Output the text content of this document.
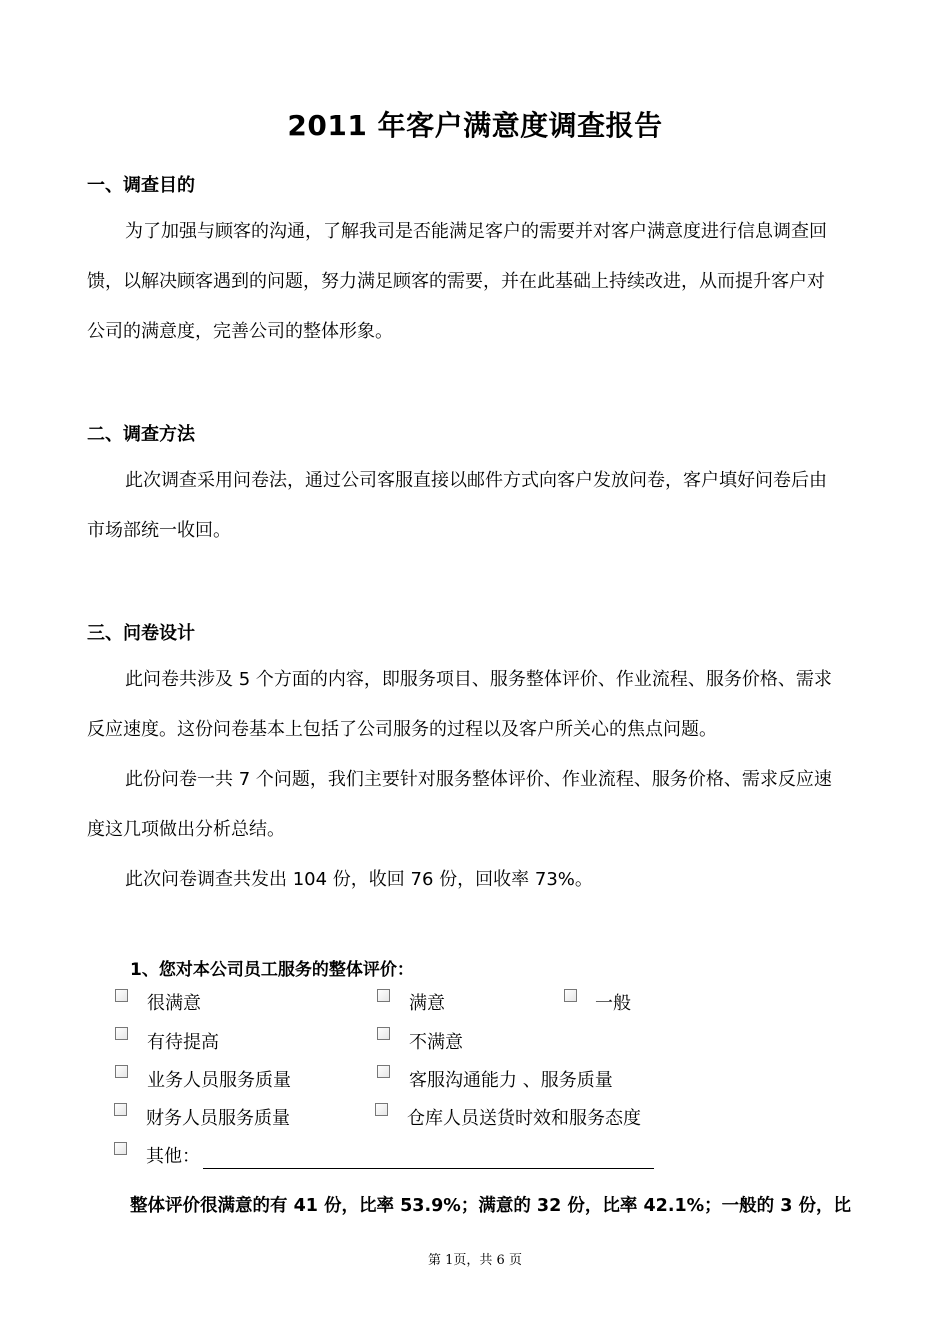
2011 年客户满意度调查报告
一、调查目的
为了加强与顾客的沟通，了解我司是否能满足客户的需要并对客户满意度进行信息调查回
馈，以解决顾客遇到的问题，努力满足顾客的需要，并在此基础上持续改进，从而提升客户对
公司的满意度，完善公司的整体形象。
二、调查方法
此次调查采用问卷法，通过公司客服直接以邮件方式向客户发放问卷，客户填好问卷后由
市场部统一收回。
三、问卷设计
此问卷共涉及 5 个方面的内容，即服务项目、服务整体评价、作业流程、服务价格、需求
反应速度。这份问卷基本上包括了公司服务的过程以及客户所关心的焦点问题。
此份问卷一共 7 个问题，我们主要针对服务整体评价、作业流程、服务价格、需求反应速
度这几项做出分析总结。
此次问卷调查共发出 104 份，收回 76 份，回收率 73%。
1、您对本公司员工服务的整体评价：
很满意	满意	一般
有待提高	不满意
业务人员服务质量	客服沟通能力 、服务质量
财务人员服务质量	仓库人员送货时效和服务态度
其他：
整体评价很满意的有 41 份，比率 53.9%；满意的 32 份，比率 42.1%；一般的 3 份，比
第 1页，共 6 页
